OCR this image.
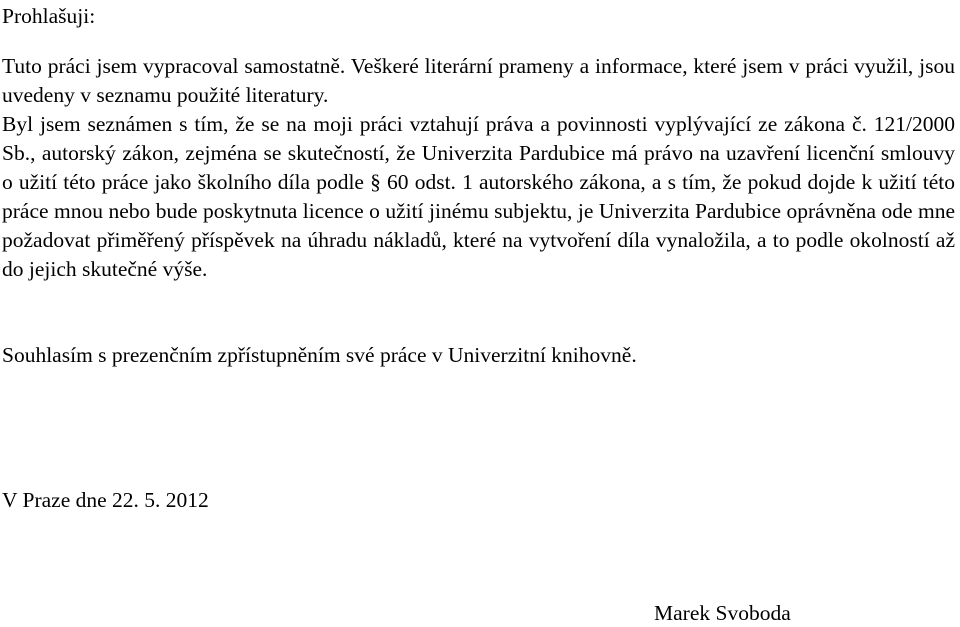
Prohlašuji:

Tuto práci jsem vypracoval samostatně. Veškeré literární prameny a informace, které jsem v práci využil, jsou uvedeny v seznamu použité literatury.

Byl jsem seznámen s tím, že se na moji práci vztahují práva a povinnosti vyplývající ze zákona č. 121/2000 Sb., autorský zákon, zejména se skutečností, že Univerzita Pardubice má právo na uzavření licenční smlouvy o užití této práce jako školního díla podle § 60 odst. 1 autorského zákona, a s tím, že pokud dojde k užití této práce mnou nebo bude poskytnuta licence o užití jinému subjektu, je Univerzita Pardubice oprávněna ode mne požadovat přiměřený příspěvek na úhradu nákladů, které na vytvoření díla vynaložila, a to podle okolností až do jejich skutečné výše.

Souhlasím s prezenčním zpřístupněním své práce v Univerzitní knihovně.

V Praze dne 22. 5. 2012

Marek Svoboda
